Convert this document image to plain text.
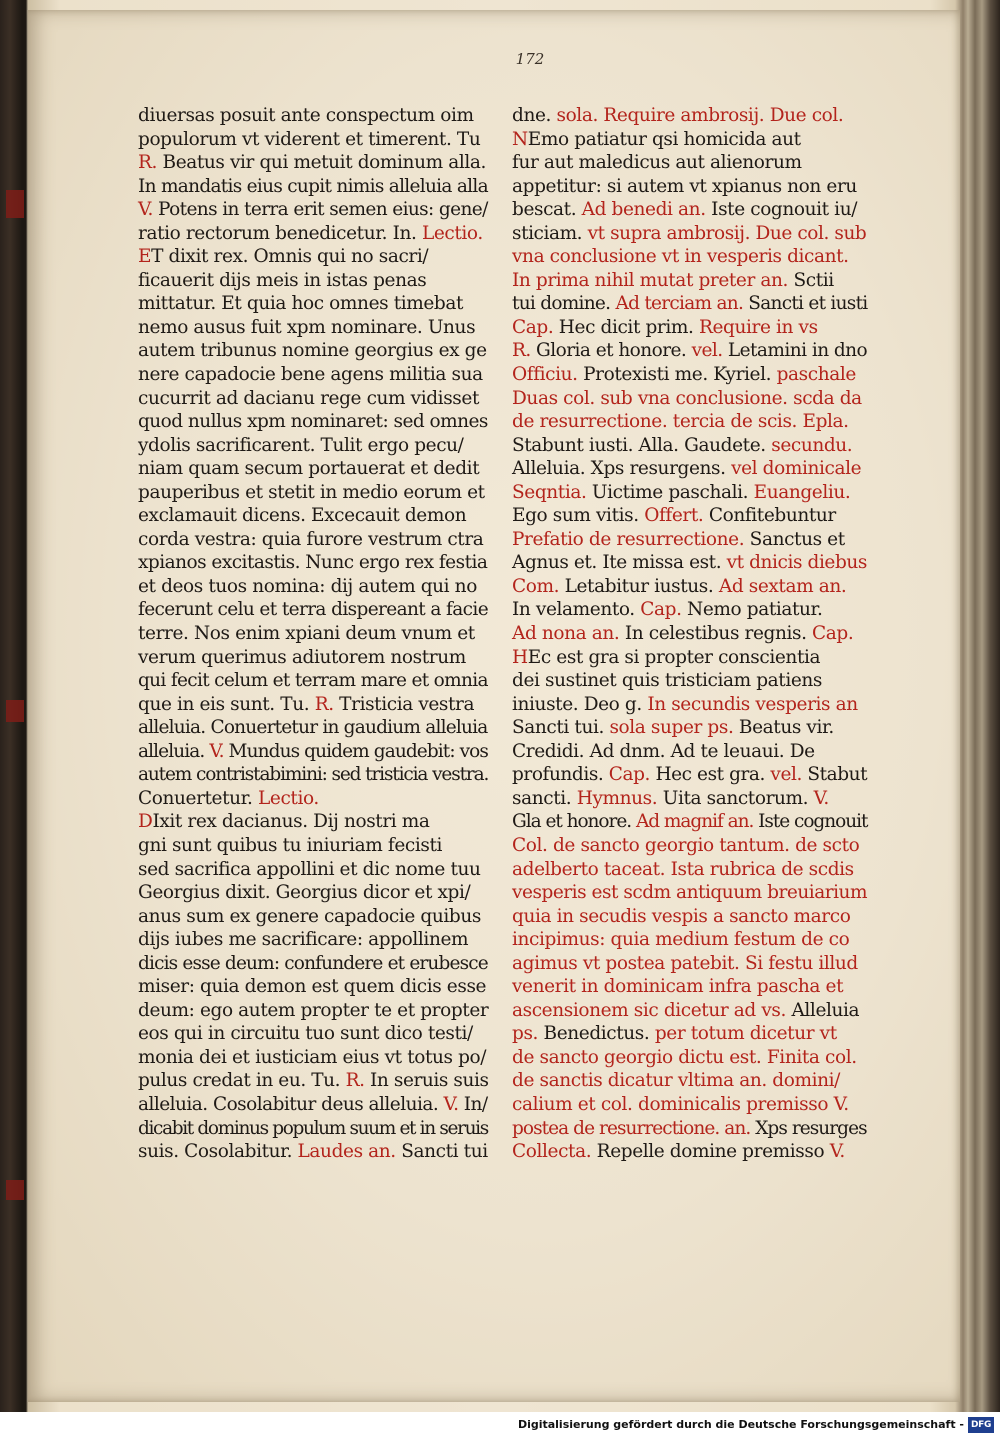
172
diuersas posuit ante conspectum oim
populorum vt viderent et timerent. Tu
R. Beatus vir qui metuit dominum alla.
In mandatis eius cupit nimis alleluia alla
V. Potens in terra erit semen eius: gene/
ratio rectorum benedicetur. In. Lectio.
ET dixit rex. Omnis qui no sacri/
ficauerit dijs meis in istas penas
mittatur. Et quia hoc omnes timebat
nemo ausus fuit xpm nominare. Unus
autem tribunus nomine georgius ex ge
nere capadocie bene agens militia sua
cucurrit ad dacianu rege cum vidisset
quod nullus xpm nominaret: sed omnes
ydolis sacrificarent. Tulit ergo pecu/
niam quam secum portauerat et dedit
pauperibus et stetit in medio eorum et
exclamauit dicens. Excecauit demon
corda vestra: quia furore vestrum ctra
xpianos excitastis. Nunc ergo rex festia
et deos tuos nomina: dij autem qui no
fecerunt celu et terra dispereant a facie
terre. Nos enim xpiani deum vnum et
verum querimus adiutorem nostrum
qui fecit celum et terram mare et omnia
que in eis sunt. Tu. R. Tristicia vestra
alleluia. Conuertetur in gaudium alleluia
alleluia. V. Mundus quidem gaudebit: vos
autem contristabimini: sed tristicia vestra.
Conuertetur. Lectio.
DIxit rex dacianus. Dij nostri ma
gni sunt quibus tu iniuriam fecisti
sed sacrifica appollini et dic nome tuu
Georgius dixit. Georgius dicor et xpi/
anus sum ex genere capadocie quibus
dijs iubes me sacrificare: appollinem
dicis esse deum: confundere et erubesce
miser: quia demon est quem dicis esse
deum: ego autem propter te et propter
eos qui in circuitu tuo sunt dico testi/
monia dei et iusticiam eius vt totus po/
pulus credat in eu. Tu. R. In seruis suis
alleluia. Cosolabitur deus alleluia. V. In/
dicabit dominus populum suum et in seruis
suis. Cosolabitur. Laudes an. Sancti tui
dne. sola. Require ambrosij. Due col.
NEmo patiatur qsi homicida aut
fur aut maledicus aut alienorum
appetitur: si autem vt xpianus non eru
bescat. Ad benedi an. Iste cognouit iu/
sticiam. vt supra ambrosij. Due col. sub
vna conclusione vt in vesperis dicant.
In prima nihil mutat preter an. Sctii
tui domine. Ad terciam an. Sancti et iusti
Cap. Hec dicit prim. Require in vs
R. Gloria et honore. vel. Letamini in dno
Officiu. Protexisti me. Kyriel. paschale
Duas col. sub vna conclusione. scda da
de resurrectione. tercia de scis. Epla.
Stabunt iusti. Alla. Gaudete. secundu.
Alleluia. Xps resurgens. vel dominicale
Seqntia. Uictime paschali. Euangeliu.
Ego sum vitis. Offert. Confitebuntur
Prefatio de resurrectione. Sanctus et
Agnus et. Ite missa est. vt dnicis diebus
Com. Letabitur iustus. Ad sextam an.
In velamento. Cap. Nemo patiatur.
Ad nona an. In celestibus regnis. Cap.
HEc est gra si propter conscientia
dei sustinet quis tristiciam patiens
iniuste. Deo g. In secundis vesperis an
Sancti tui. sola super ps. Beatus vir.
Credidi. Ad dnm. Ad te leuaui. De
profundis. Cap. Hec est gra. vel. Stabut
sancti. Hymnus. Uita sanctorum. V.
Gla et honore. Ad magnif an. Iste cognouit
Col. de sancto georgio tantum. de scto
adelberto taceat. Ista rubrica de scdis
vesperis est scdm antiquum breuiarium
quia in secudis vespis a sancto marco
incipimus: quia medium festum de co
agimus vt postea patebit. Si festu illud
venerit in dominicam infra pascha et
ascensionem sic dicetur ad vs. Alleluia
ps. Benedictus. per totum dicetur vt
de sancto georgio dictu est. Finita col.
de sanctis dicatur vltima an. domini/
calium et col. dominicalis premisso V.
postea de resurrectione. an. Xps resurges
Collecta. Repelle domine premisso V.
Digitalisierung gefördert durch die Deutsche Forschungsgemeinschaft - DFG
